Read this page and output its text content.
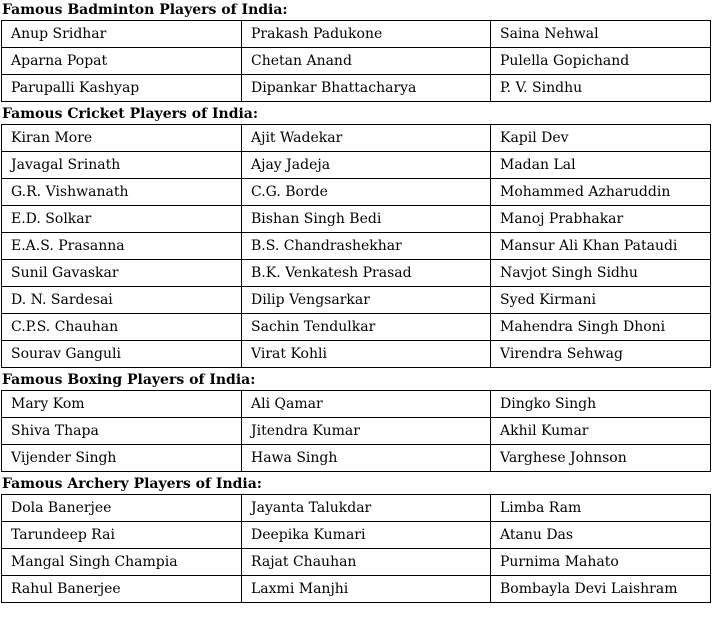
Famous Badminton Players of India:
Anup Sridhar	Prakash Padukone	Saina Nehwal
Aparna Popat	Chetan Anand	Pulella Gopichand
Parupalli Kashyap	Dipankar Bhattacharya	P. V. Sindhu
Famous Cricket Players of India:
Kiran More	Ajit Wadekar	Kapil Dev
Javagal Srinath	Ajay Jadeja	Madan Lal
G.R. Vishwanath	C.G. Borde	Mohammed Azharuddin
E.D. Solkar	Bishan Singh Bedi	Manoj Prabhakar
E.A.S. Prasanna	B.S. Chandrashekhar	Mansur Ali Khan Pataudi
Sunil Gavaskar	B.K. Venkatesh Prasad	Navjot Singh Sidhu
D. N. Sardesai	Dilip Vengsarkar	Syed Kirmani
C.P.S. Chauhan	Sachin Tendulkar	Mahendra Singh Dhoni
Sourav Ganguli	Virat Kohli	Virendra Sehwag
Famous Boxing Players of India:
Mary Kom	Ali Qamar	Dingko Singh
Shiva Thapa	Jitendra Kumar	Akhil Kumar
Vijender Singh	Hawa Singh	Varghese Johnson
Famous Archery Players of India:
Dola Banerjee	Jayanta Talukdar	Limba Ram
Tarundeep Rai	Deepika Kumari	Atanu Das
Mangal Singh Champia	Rajat Chauhan	Purnima Mahato
Rahul Banerjee	Laxmi Manjhi	Bombayla Devi Laishram
